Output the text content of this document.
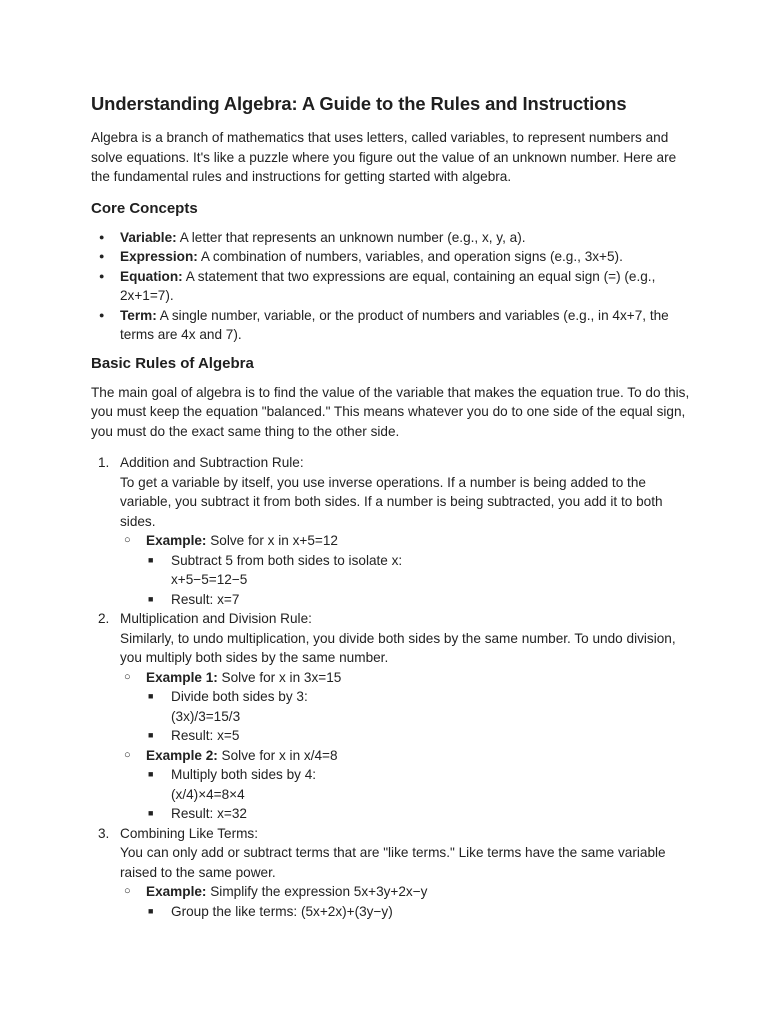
Understanding Algebra: A Guide to the Rules and Instructions

Algebra is a branch of mathematics that uses letters, called variables, to represent numbers and solve equations. It's like a puzzle where you figure out the value of an unknown number. Here are the fundamental rules and instructions for getting started with algebra.

Core Concepts
● Variable: A letter that represents an unknown number (e.g., x, y, a).
● Expression: A combination of numbers, variables, and operation signs (e.g., 3x+5).
● Equation: A statement that two expressions are equal, containing an equal sign (=) (e.g., 2x+1=7).
● Term: A single number, variable, or the product of numbers and variables (e.g., in 4x+7, the terms are 4x and 7).
Basic Rules of Algebra

The main goal of algebra is to find the value of the variable that makes the equation true. To do this, you must keep the equation "balanced." This means whatever you do to one side of the equal sign, you must do the exact same thing to the other side.

1. Addition and Subtraction Rule:
To get a variable by itself, you use inverse operations. If a number is being added to the variable, you subtract it from both sides. If a number is being subtracted, you add it to both sides.
○ Example: Solve for x in x+5=12
■ Subtract 5 from both sides to isolate x:
x+5−5=12−5
■ Result: x=7
2. Multiplication and Division Rule:
Similarly, to undo multiplication, you divide both sides by the same number. To undo division, you multiply both sides by the same number.
○ Example 1: Solve for x in 3x=15
■ Divide both sides by 3:
(3x)/3=15/3
■ Result: x=5
○ Example 2: Solve for x in x/4=8
■ Multiply both sides by 4:
(x/4)×4=8×4
■ Result: x=32
3. Combining Like Terms:
You can only add or subtract terms that are "like terms." Like terms have the same variable raised to the same power.
○ Example: Simplify the expression 5x+3y+2x−y
■ Group the like terms: (5x+2x)+(3y−y)
